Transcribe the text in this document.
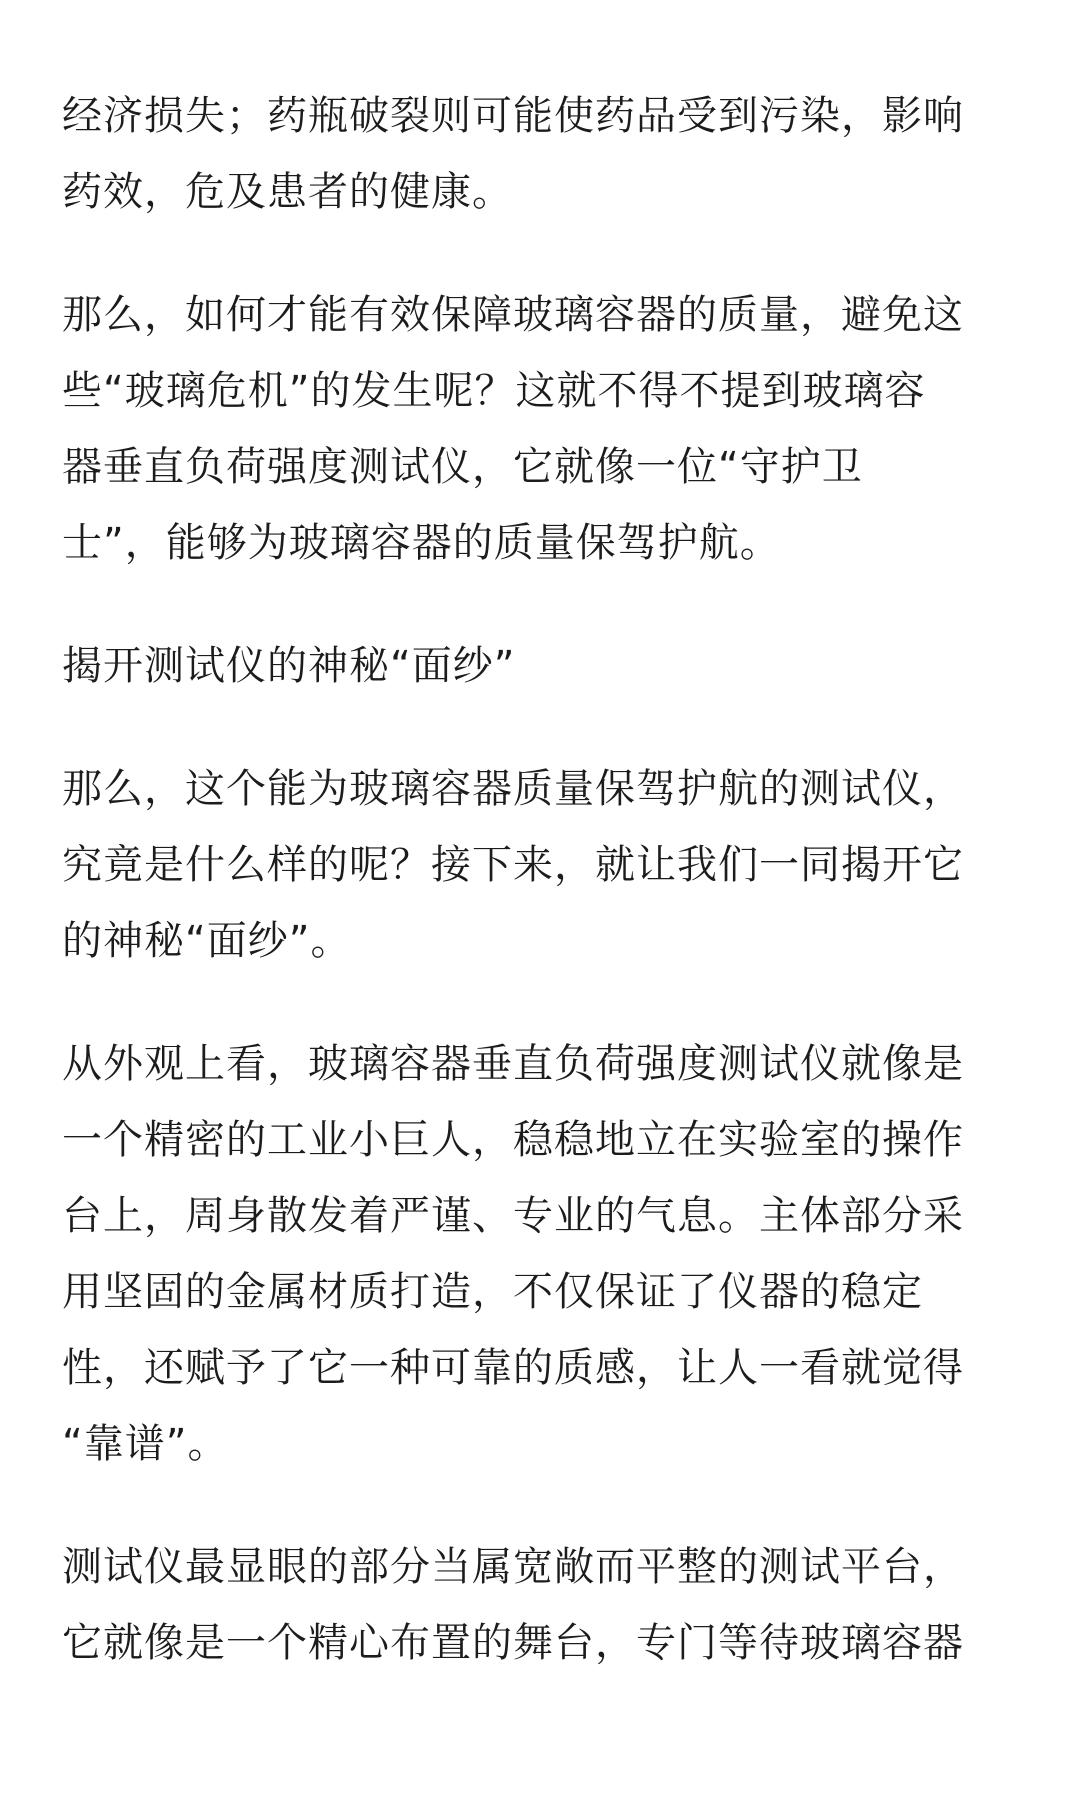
经济损失；药瓶破裂则可能使药品受到污染，影响
药效，危及患者的健康。

那么，如何才能有效保障玻璃容器的质量，避免这
些“玻璃危机”的发生呢？这就不得不提到玻璃容
器垂直负荷强度测试仪，它就像一位“守护卫
士”，能够为玻璃容器的质量保驾护航。

揭开测试仪的神秘“面纱”

那么，这个能为玻璃容器质量保驾护航的测试仪，
究竟是什么样的呢？接下来，就让我们一同揭开它
的神秘“面纱”。

从外观上看，玻璃容器垂直负荷强度测试仪就像是
一个精密的工业小巨人，稳稳地立在实验室的操作
台上，周身散发着严谨、专业的气息。主体部分采
用坚固的金属材质打造，不仅保证了仪器的稳定
性，还赋予了它一种可靠的质感，让人一看就觉得
“靠谱”。

测试仪最显眼的部分当属宽敞而平整的测试平台，
它就像是一个精心布置的舞台，专门等待玻璃容器
